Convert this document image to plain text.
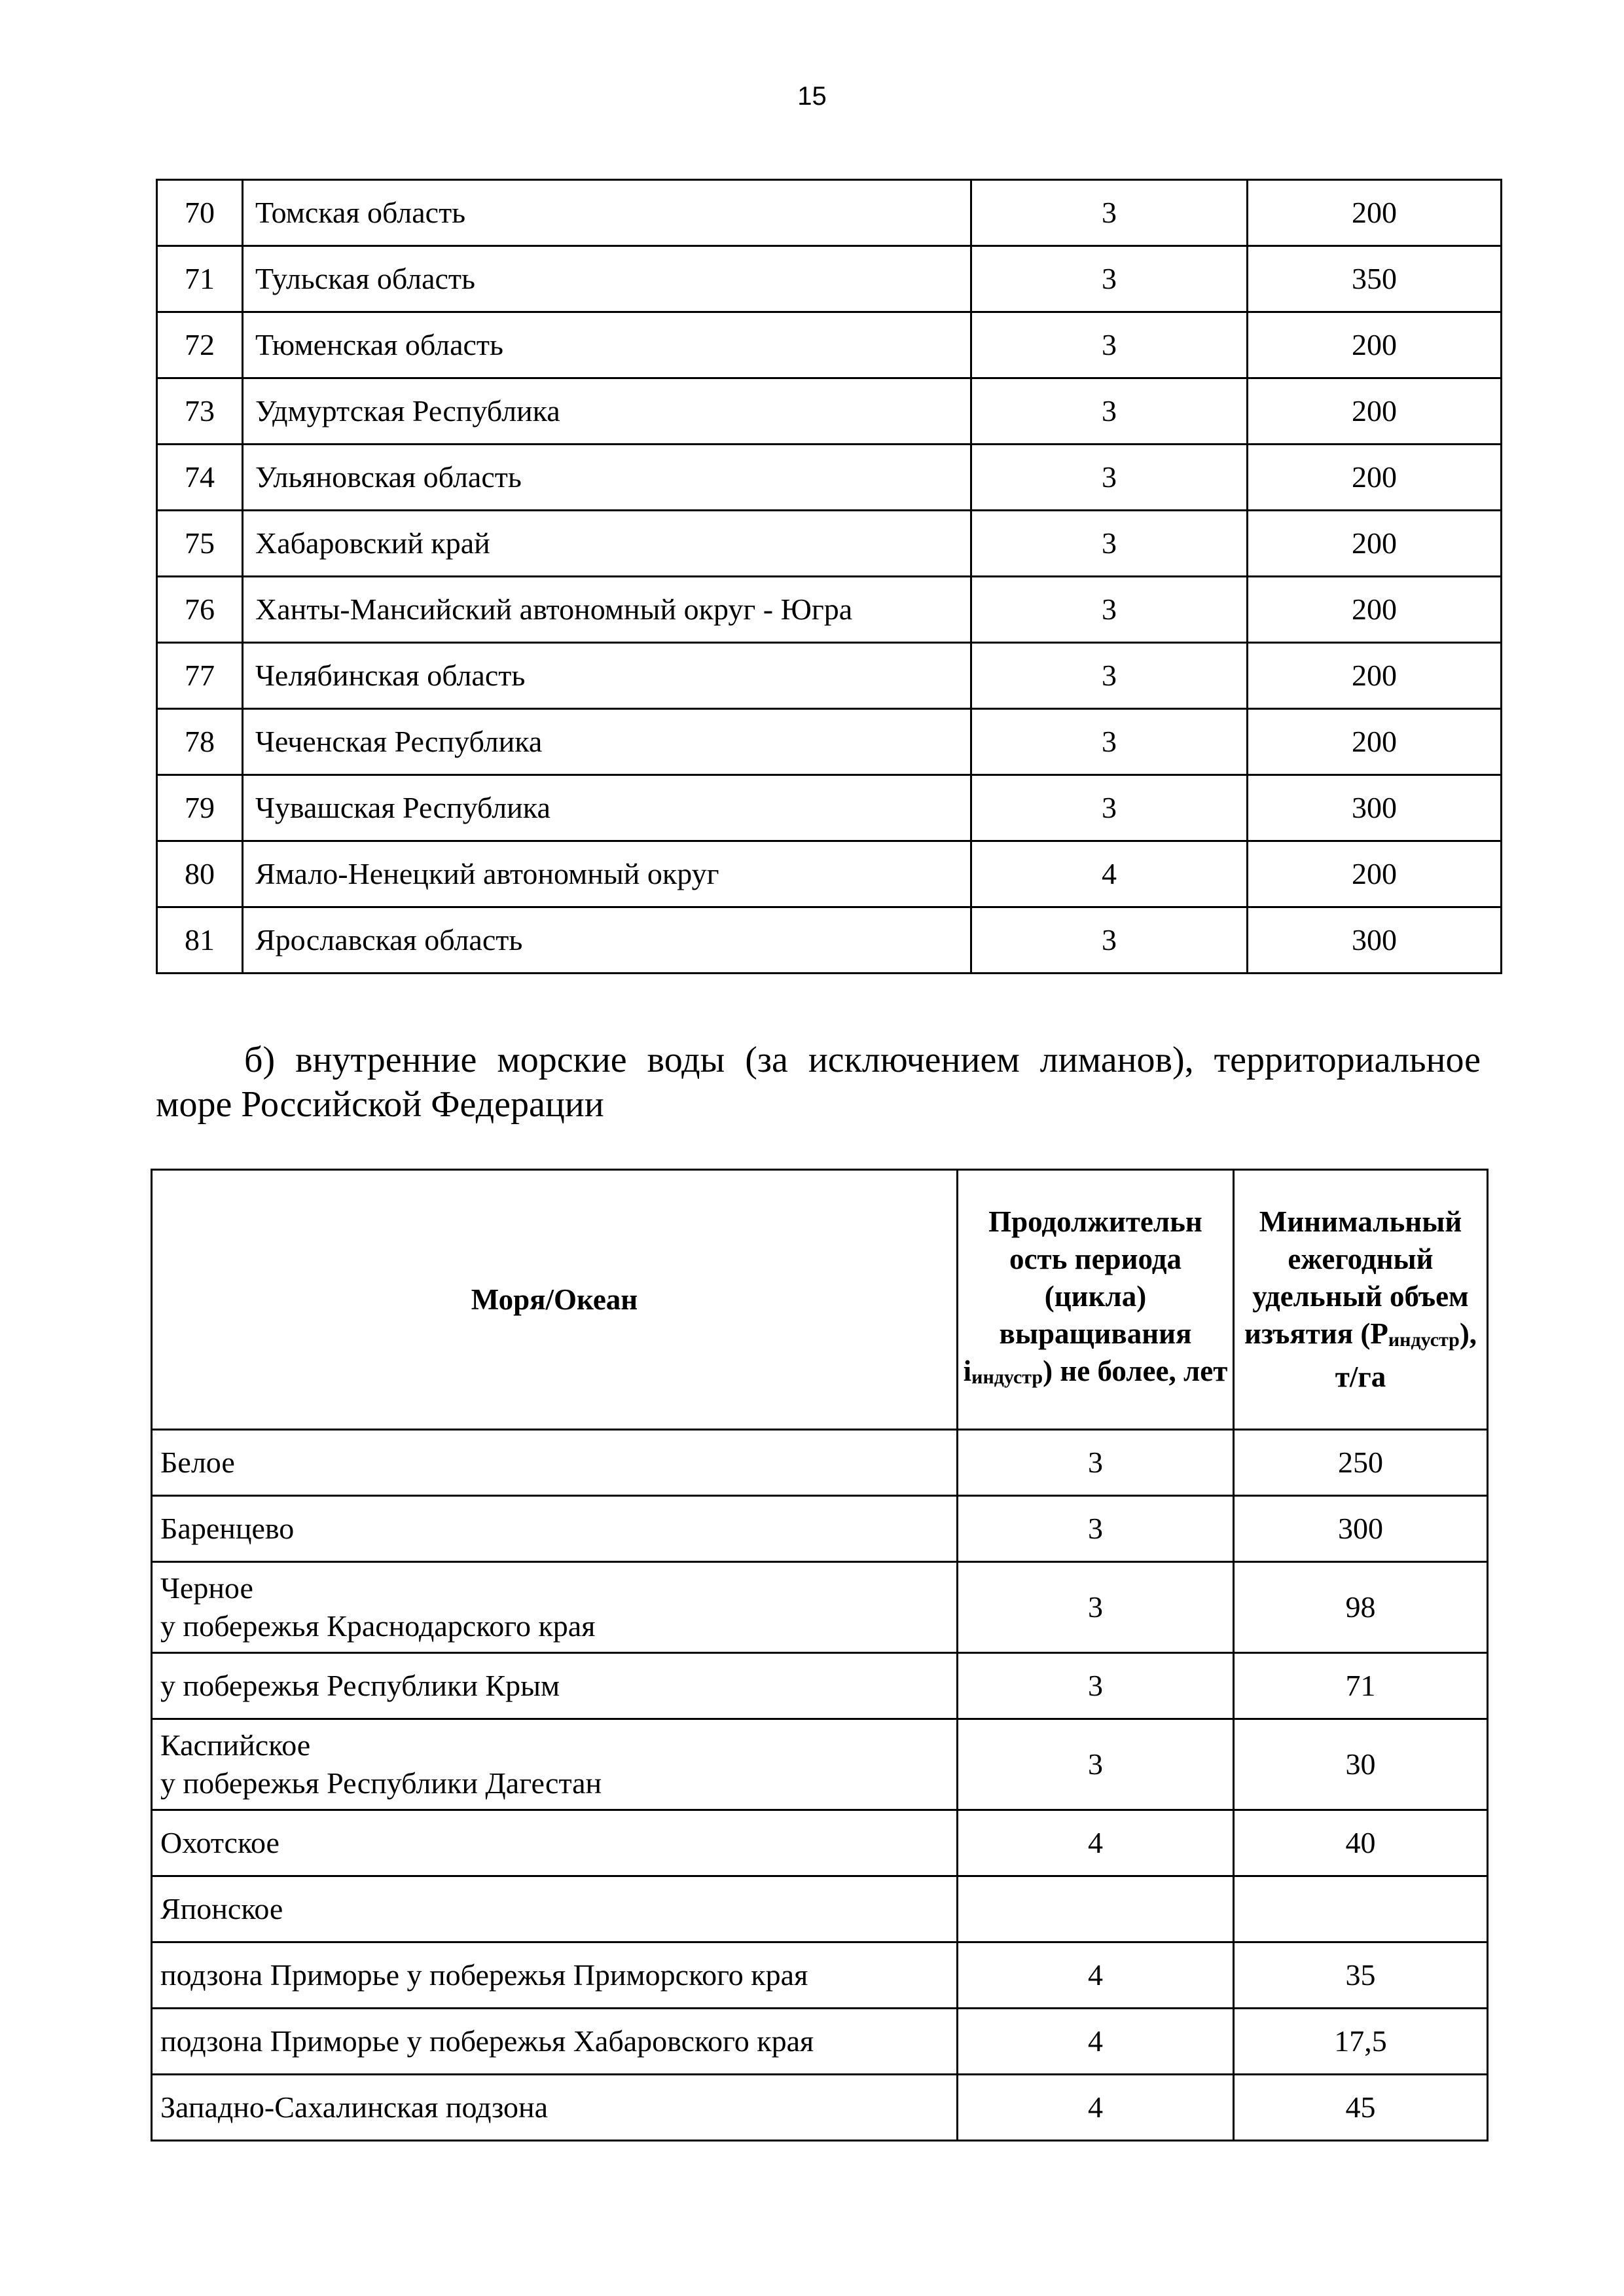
15
70	Томская область	3	200
71	Тульская область	3	350
72	Тюменская область	3	200
73	Удмуртская Республика	3	200
74	Ульяновская область	3	200
75	Хабаровский край	3	200
76	Ханты-Мансийский автономный округ - Югра	3	200
77	Челябинская область	3	200
78	Чеченская Республика	3	200
79	Чувашская Республика	3	300
80	Ямало-Ненецкий автономный округ	4	200
81	Ярославская область	3	300
б) внутренние морские воды (за исключением лиманов), территориальное море Российской Федерации
Моря/Океан	Продолжительн ость периода (цикла) выращивания $i_{индустр}$) не более, лет	Минимальный ежегодный удельный объем изъятия $(P_{индустр})$, т/га

Белое	3	250

Баренцево	3	300

Черное
у побережья Краснодарского края	3	98

у побережья Республики Крым	3	71

Каспийское
у побережья Республики Дагестан	3	30

Охотское	4	40

Японское		

подзона Приморье у побережья Приморского края	4	35

подзона Приморье у побережья Хабаровского края	4	17,5

Западно-Сахалинская подзона	4	45
